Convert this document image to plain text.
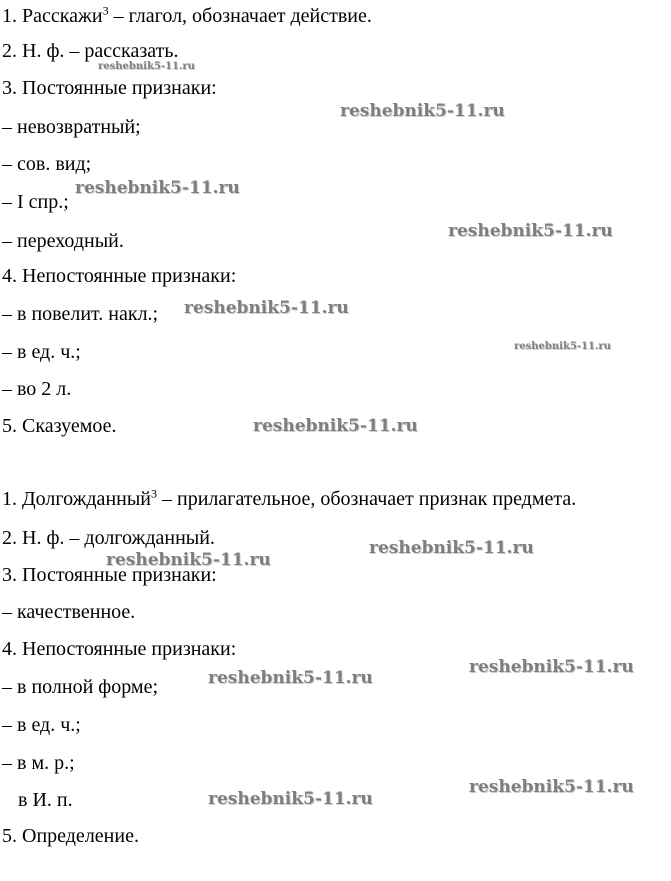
1. Расскажи$^3$ – глагол, обозначает действие.
2. Н. ф. – рассказать.
3. Постоянные признаки:
– невозвратный;
– сов. вид;
– I спр.;
– переходный.
4. Непостоянные признаки:
– в повелит. накл.;
– в ед. ч.;
– во 2 л.
5. Сказуемое.
1. Долгожданный$^3$ – прилагательное, обозначает признак предмета.
2. Н. ф. – долгожданный.
3. Постоянные признаки:
– качественное.
4. Непостоянные признаки:
– в полной форме;
– в ед. ч.;
– в м. р.;
в И. п.
5. Определение.
reshebnik5-11.ru
reshebnik5-11.ru
reshebnik5-11.ru
reshebnik5-11.ru
reshebnik5-11.ru
reshebnik5-11.ru
reshebnik5-11.ru
reshebnik5-11.ru
reshebnik5-11.ru
reshebnik5-11.ru
reshebnik5-11.ru
reshebnik5-11.ru
reshebnik5-11.ru
